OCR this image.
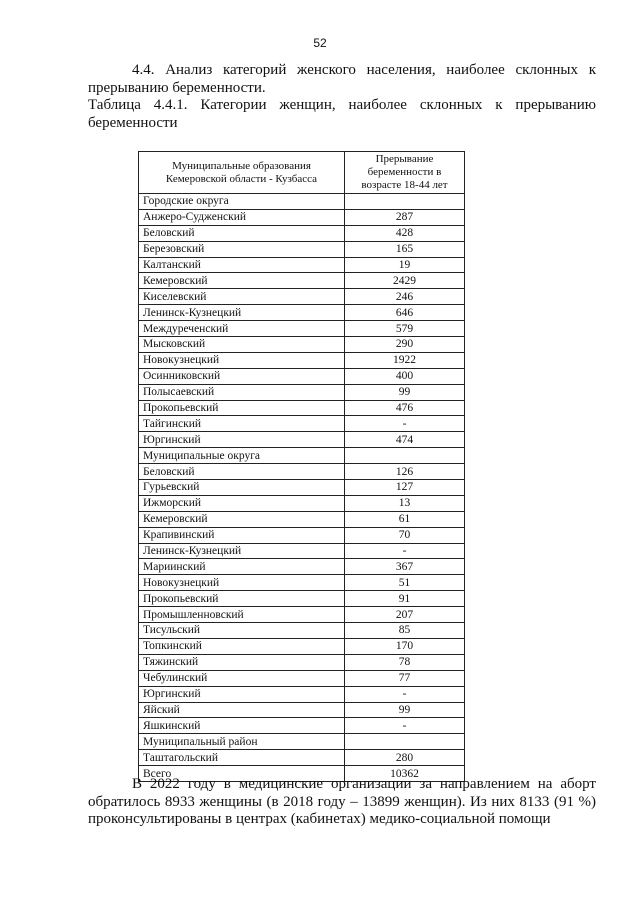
52

4.4. Анализ категорий женского населения, наиболее склонных к прерыванию беременности.

Таблица 4.4.1. Категории женщин, наиболее склонных к прерыванию беременности

Муниципальные образования Кемеровской области - Кузбасса	Прерывание беременности в возрасте 18-44 лет
Городские округа	
Анжеро-Судженский	287
Беловский	428
Березовский	165
Калтанский	19
Кемеровский	2429
Киселевский	246
Ленинск-Кузнецкий	646
Междуреченский	579
Мысковский	290
Новокузнецкий	1922
Осинниковский	400
Полысаевский	99
Прокопьевский	476
Тайгинский	-
Юргинский	474
Муниципальные округа	
Беловский	126
Гурьевский	127
Ижморский	13
Кемеровский	61
Крапивинский	70
Ленинск-Кузнецкий	-
Мариинский	367
Новокузнецкий	51
Прокопьевский	91
Промышленновский	207
Тисульский	85
Топкинский	170
Тяжинский	78
Чебулинский	77
Юргинский	-
Яйский	99
Яшкинский	-
Муниципальный район	
Таштагольский	280
Всего	10362

В 2022 году в медицинские организации за направлением на аборт обратилось 8933 женщины (в 2018 году – 13899 женщин). Из них 8133 (91 %) проконсультированы в центрах (кабинетах) медико-социальной помощи
